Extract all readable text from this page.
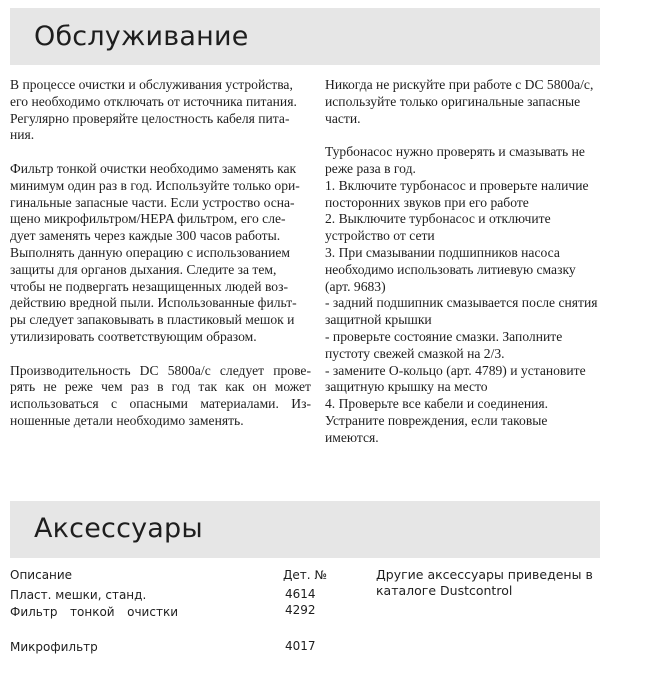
Обслуживание

В процессе очистки и обслуживания устройства,
его необходимо отключать от источника питания.
Регулярно проверяйте целостность кабеля пита-
ния.

Фильтр тонкой очистки необходимо заменять как
минимум один раз в год. Используйте только ори-
гинальные запасные части. Если устроство осна-
щено микрофильтром/HEPA фильтром, его сле-
дует заменять через каждые 300 часов работы.
Выполнять данную операцию с использованием
защиты для органов дыхания. Следите за тем,
чтобы не подвергать незащищенных людей воз-
действию вредной пыли. Использованные фильт-
ры следует запаковывать в пластиковый мешок и
утилизировать соответствующим образом.

Производительность DC 5800a/c следует прове-
рять не реже чем раз в год так как он может
использоваться с опасными материалами. Из-
ношенные детали необходимо заменять.

Никогда не рискуйте при работе с DC 5800a/c,
используйте только оригинальные запасные
части.

Турбонасос нужно проверять и смазывать не
реже раза в год.
1. Включите турбонасос и проверьте наличие
посторонних звуков при его работе
2. Выключите турбонасос и отключите
устройство от сети
3. При смазывании подшипников насоса
необходимо использовать литиевую смазку
(арт. 9683)
- задний подшипник смазывается после снятия
защитной крышки
- проверьте состояние смазки. Заполните
пустоту свежей смазкой на 2/3.
- замените О-кольцо (арт. 4789) и установите
защитную крышку на место
4. Проверьте все кабели и соединения.
Устраните повреждения, если таковые
имеются.

Аксессуары
Описание	Дет. №
Пласт. мешки, станд.	4614
Фильтр тонкой очистки	4292
Микрофильтр	4017
Другие аксессуары приведены в
каталоге Dustcontrol
